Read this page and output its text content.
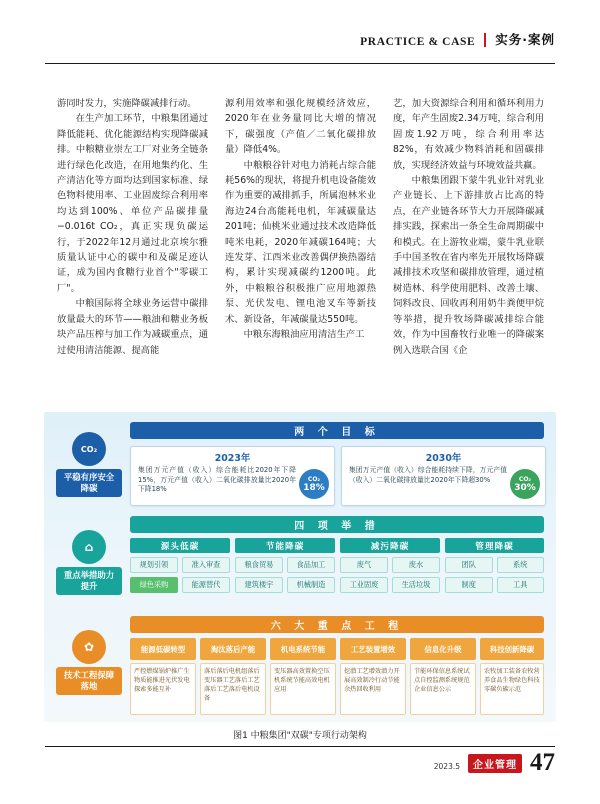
PRACTICE & CASE 实务·案例

游同时发力，实施降碳减排行动。

在生产加工环节，中粮集团通过降低能耗、优化能源结构实现降碳减排。中粮糖业崇左工厂对业务全链条进行绿色化改造，在用地集约化、生产清洁化等方面均达到国家标准、绿色物料使用率、工业固废综合利用率均达到100%、单位产品碳排量−0.016t CO₂，真正实现负碳运行，于2022年12月通过北京埃尔雅质量认证中心的碳中和及碳足迹认证，成为国内食糖行业首个"零碳工厂"。

中粮国际将全球业务运营中碳排放量最大的环节——粮油和糖业务板块产品压榨与加工作为减碳重点，通过使用清洁能源、提高能

源利用效率和强化规模经济效应，2020年在业务量同比大增的情况下，碳强度（产值／二氧化碳排放量）降低4%。

中粮粮谷针对电力消耗占综合能耗56%的现状，将提升机电设备能效作为重要的减排抓手，所属泡林米业海边24台高能耗电机，年减碳量达201吨；仙桃米业通过技术改造降低吨米电耗，2020年减碳164吨；大连发芽、江西米业改善偶伊换热器结构，累计实现减碳约1200吨。此外，中粮粮谷积极推广应用地源热泵、光伏发电、锂电池叉车等新技术、新设备，年减碳量达550吨。

中粮东海粮油应用清洁生产工

艺，加大资源综合利用和循环利用力度，年产生固废2.34万吨，综合利用固废1.92万吨，综合利用率达82%，有效减少物料消耗和固碳排放，实现经济效益与环境效益共赢。

中粮集团跟下蒙牛乳业针对乳业产业链长、上下游排放占比高的特点，在产业链各环节大力开展降碳减排实践，探索出一条全生命周期碳中和模式。在上游牧业端，蒙牛乳业联手中国圣牧在省内率先开展牧场降碳减排技术攻坚和碳排放管理，通过植树造林、科学使用肥料、改善土壤、饲料改良、回收再利用奶牛粪便甲烷等举措，提升牧场降碳减排综合能效，作为中国畜牧行业唯一的降碳案例入选联合国《企

CO₂
平稳有序安全降碳
⌂
重点举措助力提升
✿
技术工程保障落地
两 个 目 标
2023年
集团万元产值（收入）综合能耗比2020年下降15%，万元产值（收入）二氧化碳排放量比2020年下降18%
CO₂
18%
2030年
集团万元产值（收入）综合能耗持续下降，万元产值（收入）二氧化碳排放量比2020年下降超30%	CO₂
30%
四 项 举 措
源头低碳
规划引领	准入审查
绿色采购	能源替代
节能降碳
粮食贸易	食品加工
建筑楼宇	机械制造
减污降碳
废气	废水
工业固废	生活垃圾
管理降碳
团队	系统
制度	工具
六 大 重 点 工 程
能源低碳转型
严控燃煤锅炉推广生物质能推进光伏发电探索多能互补
淘汰落后产能
落后落后电机组落后变压器工艺落后工艺落后工艺落后电机设备
机电系统节能
变压器高效置换空压机系统节能高效电机应用
工艺装置增效
挖潜工艺增效潜力开展高效制冷行动节能余热回收利用
信息化升级
节能环保信息系统试点自控监测系统规范企业信息公示
科技创新降碳
农牧加工装备农牧营养食品生物绿色科技零碳负碳示范
图1 中粮集团"双碳"专项行动架构
2023.5	企业管理 47
